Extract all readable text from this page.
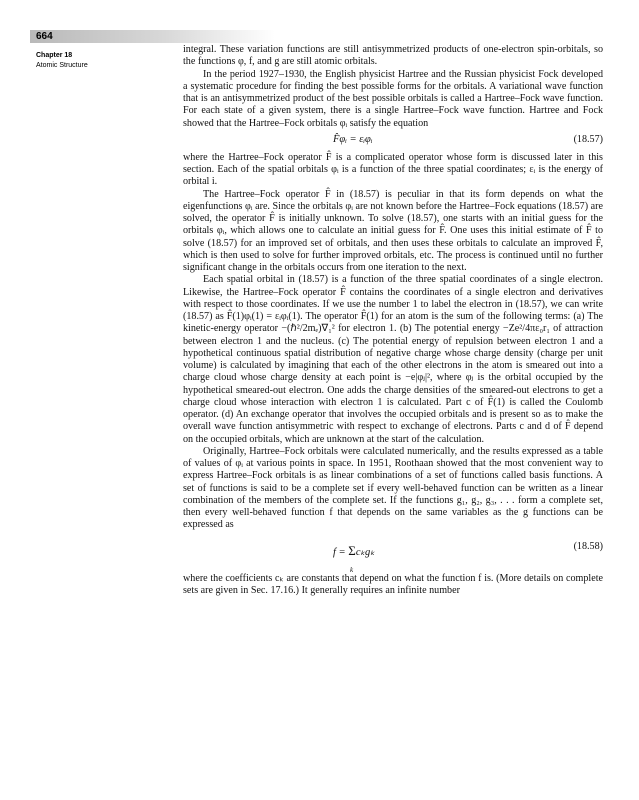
664
Chapter 18
Atomic Structure

integral. These variation functions are still antisymmetrized products of one-electron spin-orbitals, so the functions φ, f, and g are still atomic orbitals.

In the period 1927–1930, the English physicist Hartree and the Russian physicist Fock developed a systematic procedure for finding the best possible forms for the orbitals. A variational wave function that is an antisymmetrized product of the best possible orbitals is called a Hartree–Fock wave function. For each state of a given system, there is a single Hartree–Fock wave function. Hartree and Fock showed that the Hartree–Fock orbitals φᵢ satisfy the equation

F̂φᵢ = εᵢφᵢ	(18.57)

where the Hartree–Fock operator F̂ is a complicated operator whose form is discussed later in this section. Each of the spatial orbitals φᵢ is a function of the three spatial coordinates; εᵢ is the energy of orbital i.

The Hartree–Fock operator F̂ in (18.57) is peculiar in that its form depends on what the eigenfunctions φᵢ are. Since the orbitals φᵢ are not known before the Hartree–Fock equations (18.57) are solved, the operator F̂ is initially unknown. To solve (18.57), one starts with an initial guess for the orbitals φᵢ, which allows one to calculate an initial guess for F̂. One uses this initial estimate of F̂ to solve (18.57) for an improved set of orbitals, and then uses these orbitals to calculate an improved F̂, which is then used to solve for further improved orbitals, etc. The process is continued until no further significant change in the orbitals occurs from one iteration to the next.

Each spatial orbital in (18.57) is a function of the three spatial coordinates of a single electron. Likewise, the Hartree–Fock operator F̂ contains the coordinates of a single electron and derivatives with respect to those coordinates. If we use the number 1 to label the electron in (18.57), we can write (18.57) as F̂(1)φᵢ(1) = εᵢφᵢ(1). The operator F̂(1) for an atom is the sum of the following terms: (a) The kinetic-energy operator −(ℏ²/2mₑ)∇₁² for electron 1. (b) The potential energy −Ze²/4πε₀r₁ of attraction between electron 1 and the nucleus. (c) The potential energy of repulsion between electron 1 and a hypothetical continuous spatial distribution of negative charge whose charge density (charge per unit volume) is calculated by imagining that each of the other electrons in the atom is smeared out into a charge cloud whose charge density at each point is −e|φⱼ|², where φⱼ is the orbital occupied by the hypothetical smeared-out electron. One adds the charge densities of the smeared-out electrons to get a charge cloud whose interaction with electron 1 is calculated. Part c of F̂(1) is called the Coulomb operator. (d) An exchange operator that involves the occupied orbitals and is present so as to make the overall wave function antisymmetric with respect to exchange of electrons. Parts c and d of F̂ depend on the occupied orbitals, which are unknown at the start of the calculation.

Originally, Hartree–Fock orbitals were calculated numerically, and the results expressed as a table of values of φᵢ at various points in space. In 1951, Roothaan showed that the most convenient way to express Hartree–Fock orbitals is as linear combinations of a set of functions called basis functions. A set of functions is said to be a complete set if every well-behaved function can be written as a linear combination of the members of the complete set. If the functions g₁, g₂, g₃, . . . form a complete set, then every well-behaved function f that depends on the same variables as the g functions can be expressed as

f = Σcₖgₖ
k
(18.58)

where the coefficients cₖ are constants that depend on what the function f is. (More details on complete sets are given in Sec. 17.16.) It generally requires an infinite number
